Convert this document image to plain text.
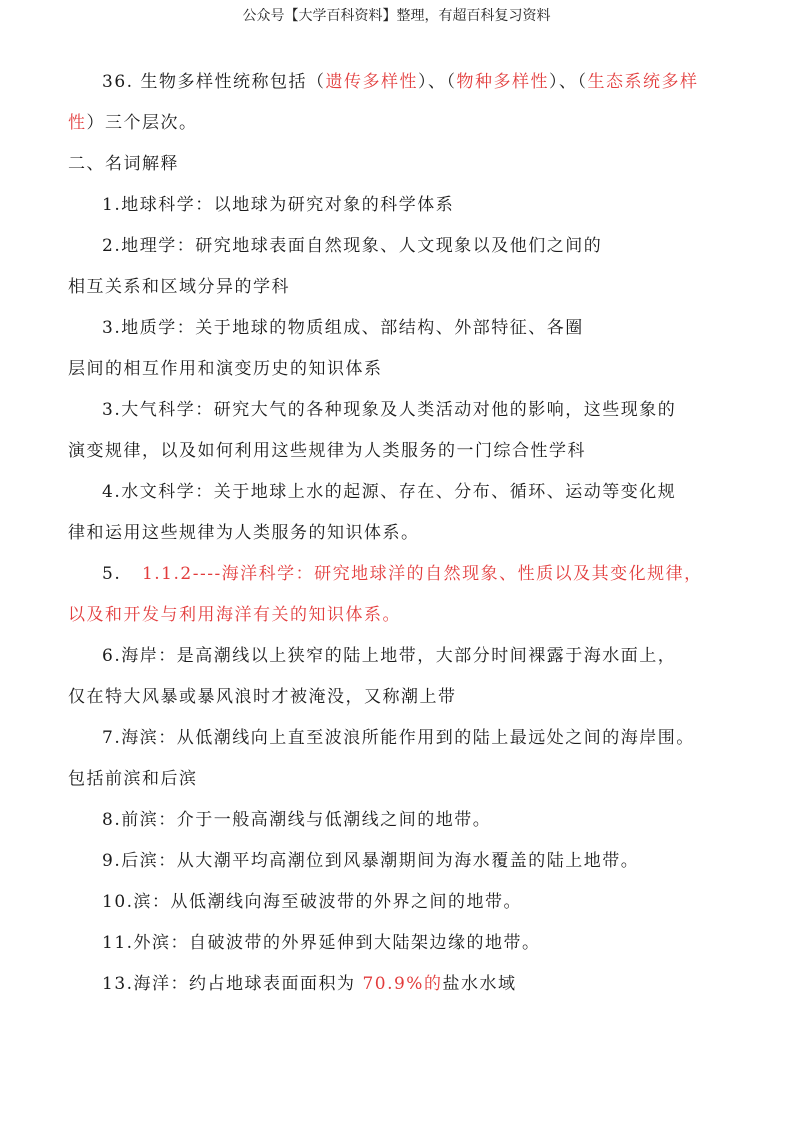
公众号【大学百科资料】整理，有超百科复习资料

36. 生物多样性统称包括（遗传多样性）、（物种多样性）、（生态系统多样

性）三个层次。

二、名词解释

1.地球科学：以地球为研究对象的科学体系

2.地理学：研究地球表面自然现象、人文现象以及他们之间的

相互关系和区域分异的学科

3.地质学：关于地球的物质组成、部结构、外部特征、各圈

层间的相互作用和演变历史的知识体系

3.大气科学：研究大气的各种现象及人类活动对他的影响，这些现象的

演变规律，以及如何利用这些规律为人类服务的一门综合性学科

4.水文科学：关于地球上水的起源、存在、分布、循环、运动等变化规

律和运用这些规律为人类服务的知识体系。

5. 1.1.2----海洋科学：研究地球洋的自然现象、性质以及其变化规律，

以及和开发与利用海洋有关的知识体系。

6.海岸：是高潮线以上狭窄的陆上地带，大部分时间裸露于海水面上，

仅在特大风暴或暴风浪时才被淹没，又称潮上带

7.海滨：从低潮线向上直至波浪所能作用到的陆上最远处之间的海岸围。

包括前滨和后滨

8.前滨：介于一般高潮线与低潮线之间的地带。

9.后滨：从大潮平均高潮位到风暴潮期间为海水覆盖的陆上地带。

10.滨：从低潮线向海至破波带的外界之间的地带。

11.外滨：自破波带的外界延伸到大陆架边缘的地带。

13.海洋：约占地球表面面积为 70.9%的盐水水域
